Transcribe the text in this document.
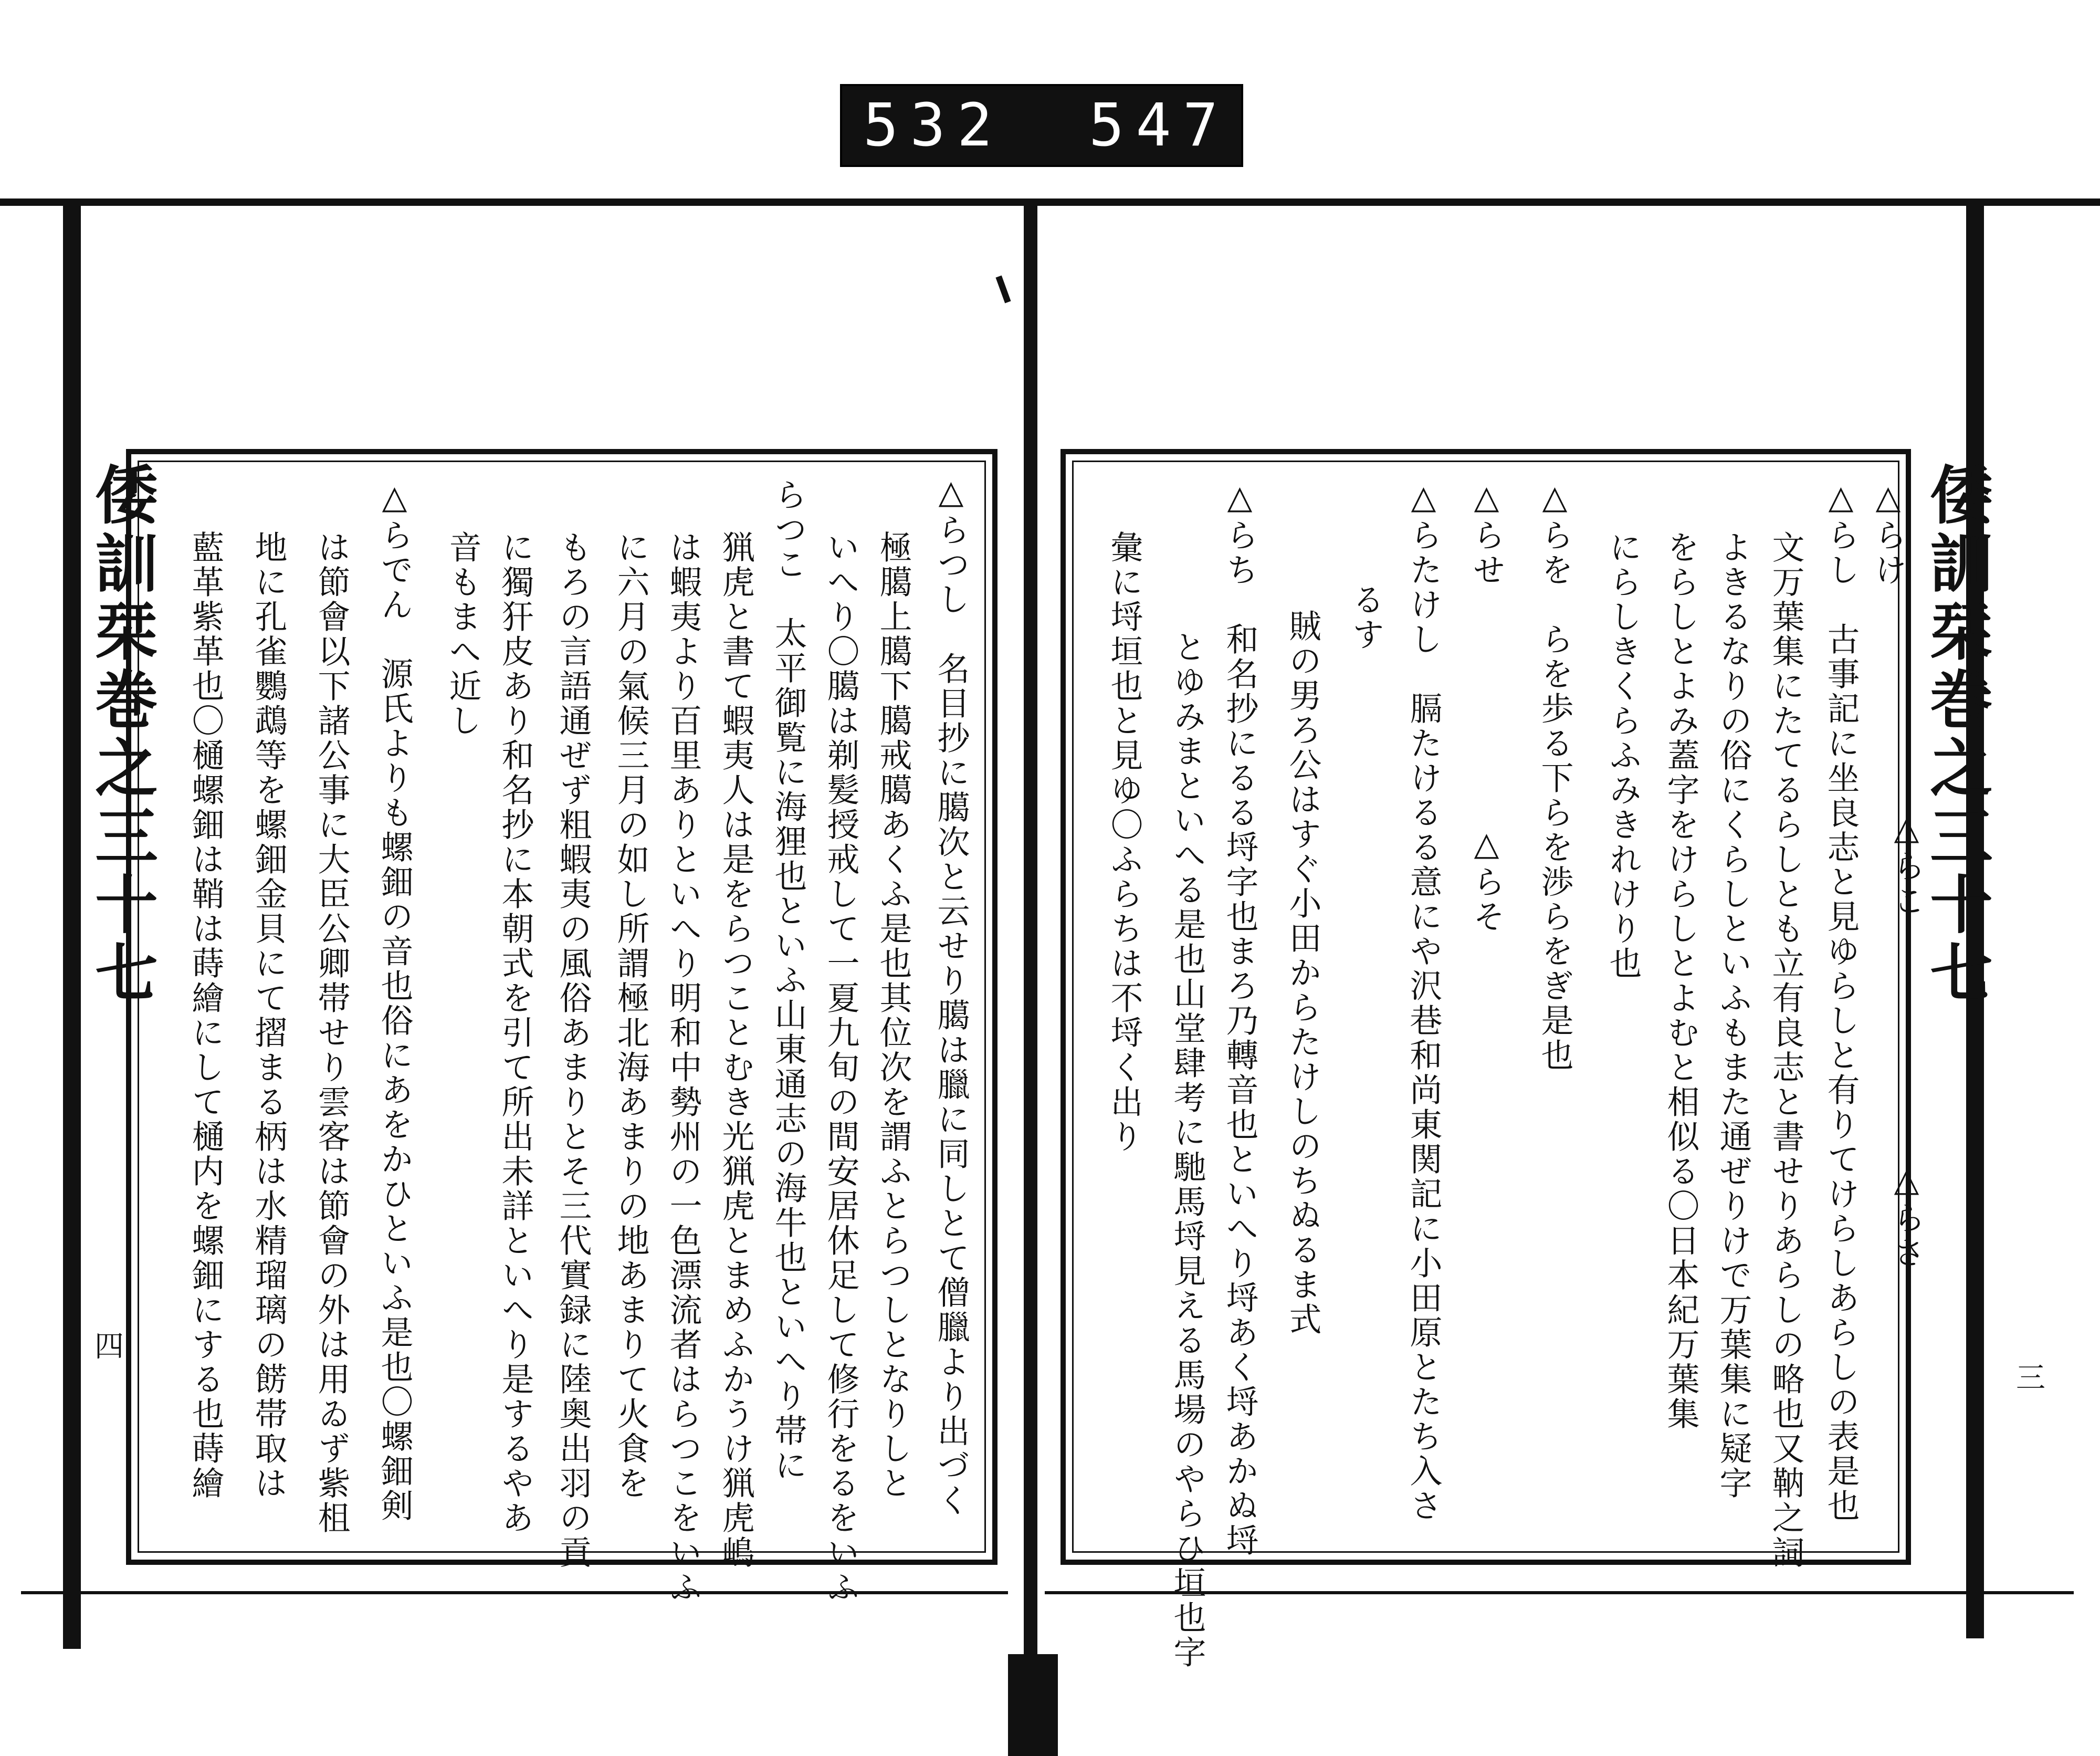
532 547.
倭訓栞巻之三十七	倭訓栞巻之三十七
四
三
△らけ
△らし　古事記に坐良志と見ゆらしと有りてけらしあらしの表是也
文万葉集にたてるらしとも立有良志と書せりあらしの略也又靹之詞
よきるなりの俗にくらしといふもまた通ぜりけで万葉集に疑字
をらしとよみ蓋字をけらしとよむと相似る〇日本紀万葉集
にらしきくらふみきれけり也
△らを　らを歩る下らを渉らをぎ是也
△らせ
△らたけし　膈たけるる意にや沢巷和尚東関記に小田原とたち入さ
るす
賊の男ろ公はすぐ小田からたけしのちぬるま式
△らち　和名抄にるる埒字也まろ乃轉音也といへり埒あく埒あかぬ埒
とゆみまといへる是也山堂肆考に馳馬埒見える馬場のやらひ垣也字
彙に埒垣也と見ゆ〇ふらちは不埒く出り
△らさ
△らこ
△らそ
△らつし　名目抄に臈次と云せり臈は臘に同しとて僧臘より出づく
極臈上臈下臈戒臈あくふ是也其位次を謂ふとらつしとなりしと
いへり〇臈は剃髪授戒して一夏九旬の間安居休足して修行をるをいふ
らつこ　太平御覧に海狸也といふ山東通志の海牛也といへり帯に
猟虎と書て蝦夷人は是をらつことむき光猟虎とまめふかうけ猟虎嶋
は蝦夷より百里ありといへり明和中勢州の一色漂流者はらつこをいふ
に六月の氣候三月の如し所謂極北海あまりの地あまりて火食を
もろの言語通ぜず粗蝦夷の風俗あまりとそ三代實録に陸奥出羽の貢
に獨犴皮あり和名抄に本朝式を引て所出未詳といへり是するやあ
音もまへ近し
△らでん　源氏よりも螺鈿の音也俗にあをかひといふ是也〇螺鈿剣
は節會以下諸公事に大臣公卿帯せり雲客は節會の外は用ゐず紫柤
地に孔雀鸚鵡等を螺鈿金貝にて摺まる柄は水精瑠璃の餝帯取は
藍革紫革也〇樋螺鈿は鞘は蒔繪にして樋内を螺鈿にする也蒔繪
